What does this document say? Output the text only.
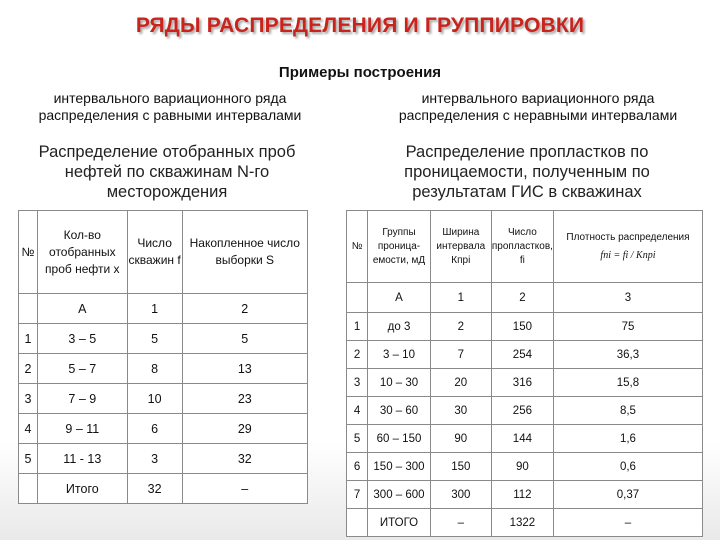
РЯДЫ РАСПРЕДЕЛЕНИЯ И ГРУППИРОВКИ
Примеры построения
интервального вариационного ряда распределения с равными интервалами
Распределение отобранных проб нефтей по скважинам N-го месторождения
интервального вариационного ряда распределения с неравными интервалами
Распределение пропластков по проницаемости, полученным по результатам ГИС в скважинах
№	Кол-во отобранных проб нефти x	Число скважин f	Накопленное число выборки S
	А	1	2
1	3 – 5	5	5
2	5 – 7	8	13
3	7 – 9	10	23
4	9 – 11	6	29
5	11 - 13	3	32
	Итого	32	–
№	Группы проница-емости, мД	Ширина интервала Кпрi	Число пропластков, fi	Плотность распределения
fпi = fi / Кпрi

	А	1	2	3
1	до 3	2	150	75
2	3 – 10	7	254	36,3
3	10 – 30	20	316	15,8
4	30 – 60	30	256	8,5
5	60 – 150	90	144	1,6
6	150 – 300	150	90	0,6
7	300 – 600	300	112	0,37
	ИТОГО	–	1322	–
